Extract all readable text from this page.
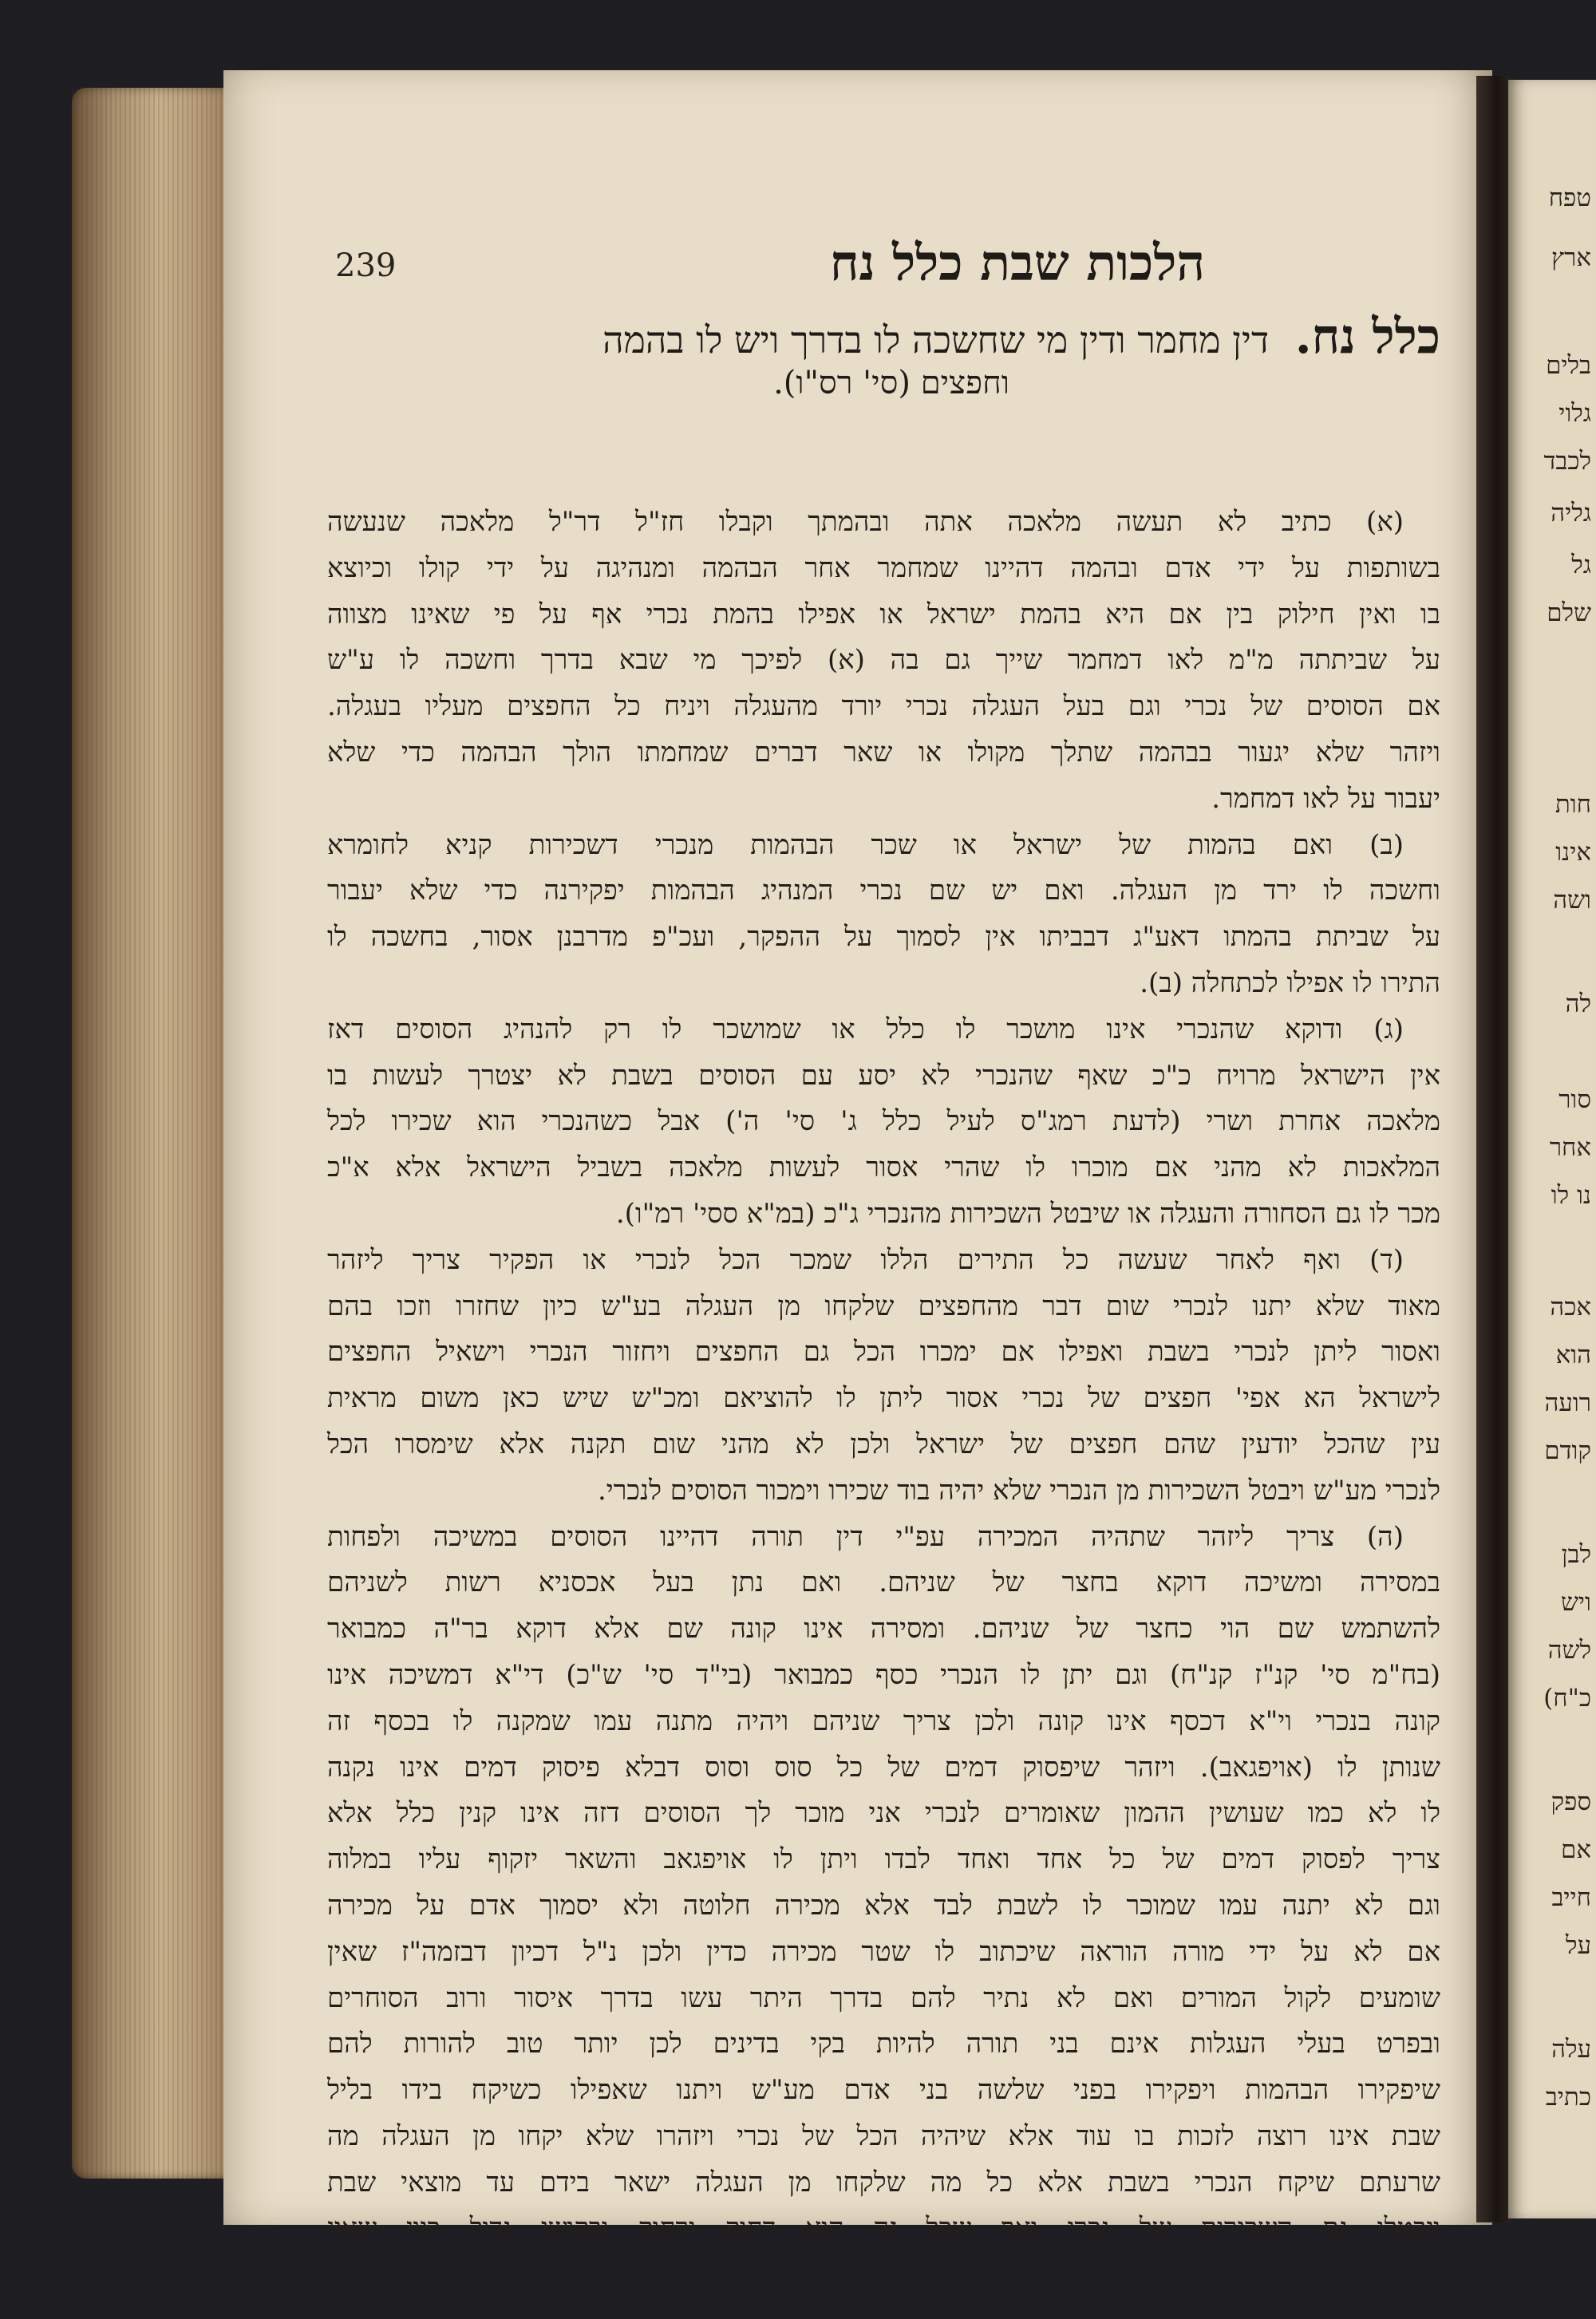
239	הלכות שבת כלל נח
כלל נח. דין מחמר ודין מי שחשכה לו בדרך ויש לו בהמה
וחפצים (סי' רס"ו).
(א) כתיב לא תעשה מלאכה אתה ובהמתך וקבלו חז"ל דר"ל מלאכה שנעשה
בשותפות על ידי אדם ובהמה דהיינו שמחמר אחר הבהמה ומנהיגה על ידי קולו וכיוצא
בו ואין חילוק בין אם היא בהמת ישראל או אפילו בהמת נכרי אף על פי שאינו מצווה
על שביתתה מ"מ לאו דמחמר שייך גם בה (א) לפיכך מי שבא בדרך וחשכה לו ע"ש
אם הסוסים של נכרי וגם בעל העגלה נכרי יורד מהעגלה ויניח כל החפצים מעליו בעגלה.
ויזהר שלא יגעור בבהמה שתלך מקולו או שאר דברים שמחמתו הולך הבהמה כדי שלא
יעבור על לאו דמחמר.
(ב) ואם בהמות של ישראל או שכר הבהמות מנכרי דשכירות קניא לחומרא
וחשכה לו ירד מן העגלה. ואם יש שם נכרי המנהיג הבהמות יפקירנה כדי שלא יעבור
על שביתת בהמתו דאע"ג דבביתו אין לסמוך על ההפקר, ועכ"פ מדרבנן אסור, בחשכה לו
התירו לו אפילו לכתחלה (ב).
(ג) ודוקא שהנכרי אינו מושכר לו כלל או שמושכר לו רק להנהיג הסוסים דאז
אין הישראל מרויח כ"כ שאף שהנכרי לא יסע עם הסוסים בשבת לא יצטרך לעשות בו
מלאכה אחרת ושרי (לדעת רמג"ס לעיל כלל ג' סי' ה') אבל כשהנכרי הוא שכירו לכל
המלאכות לא מהני אם מוכרו לו שהרי אסור לעשות מלאכה בשביל הישראל אלא א"כ
מכר לו גם הסחורה והעגלה או שיבטל השכירות מהנכרי ג"כ (במ"א ססי' רמ"ו).
(ד) ואף לאחר שעשה כל התירים הללו שמכר הכל לנכרי או הפקיר צריך ליזהר
מאוד שלא יתנו לנכרי שום דבר מהחפצים שלקחו מן העגלה בע"ש כיון שחזרו וזכו בהם
ואסור ליתן לנכרי בשבת ואפילו אם ימכרו הכל גם החפצים ויחזור הנכרי וישאיל החפצים
לישראל הא אפי' חפצים של נכרי אסור ליתן לו להוציאם ומכ"ש שיש כאן משום מראית
עין שהכל יודעין שהם חפצים של ישראל ולכן לא מהני שום תקנה אלא שימסרו הכל
לנכרי מע"ש ויבטל השכירות מן הנכרי שלא יהיה בוד שכירו וימכור הסוסים לנכרי.
(ה) צריך ליזהר שתהיה המכירה עפ"י דין תורה דהיינו הסוסים במשיכה ולפחות
במסירה ומשיכה דוקא בחצר של שניהם. ואם נתן בעל אכסניא רשות לשניהם
להשתמש שם הוי כחצר של שניהם. ומסירה אינו קונה שם אלא דוקא בר"ה כמבואר
(בח"מ סי' קנ"ז קנ"ח) וגם יתן לו הנכרי כסף כמבואר (בי"ד סי' ש"כ) די"א דמשיכה אינו
קונה בנכרי וי"א דכסף אינו קונה ולכן צריך שניהם ויהיה מתנה עמו שמקנה לו בכסף זה
שנותן לו (אויפגאב). ויזהר שיפסוק דמים של כל סוס וסוס דבלא פיסוק דמים אינו נקנה
לו לא כמו שעושין ההמון שאומרים לנכרי אני מוכר לך הסוסים דזה אינו קנין כלל אלא
צריך לפסוק דמים של כל אחד ואחד לבדו ויתן לו אויפגאב והשאר יזקוף עליו במלוה
וגם לא יתנה עמו שמוכר לו לשבת לבד אלא מכירה חלוטה ולא יסמוך אדם על מכירה
אם לא על ידי מורה הוראה שיכתוב לו שטר מכירה כדין ולכן נ"ל דכיון דבזמה"ז שאין
שומעים לקול המורים ואם לא נתיר להם בדרך היתר עשו בדרך איסור ורוב הסוחרים
ובפרט בעלי העגלות אינם בני תורה להיות בקי בדינים לכן יותר טוב להורות להם
שיפקירו הבהמות ויפקירו בפני שלשה בני אדם מע"ש ויתנו שאפילו כשיקח בידו בליל
שבת אינו רוצה לזכות בו עוד אלא שיהיה הכל של נכרי ויזהרו שלא יקחו מן העגלה מה
שרעתם שיקח הנכרי בשבת אלא כל מה שלקחו מן העגלה ישאר בידם עד מוצאי שבת
ויבטלו גם השכירות של נכרי ואף שכל זה הוא דחוק ורחוק ובקושי גדול כיון שאין
טפח
ארץ
בלים
גלוי
לכבד
גליה
גל
שלם
חות
אינו
ושה
לה
סור
אחר
נו לו
אכה
הוא
רועה
קודם
לבן
ויש
לשה
כ"ח)
ספק
אם
חייב
על
עלה
כתיב
